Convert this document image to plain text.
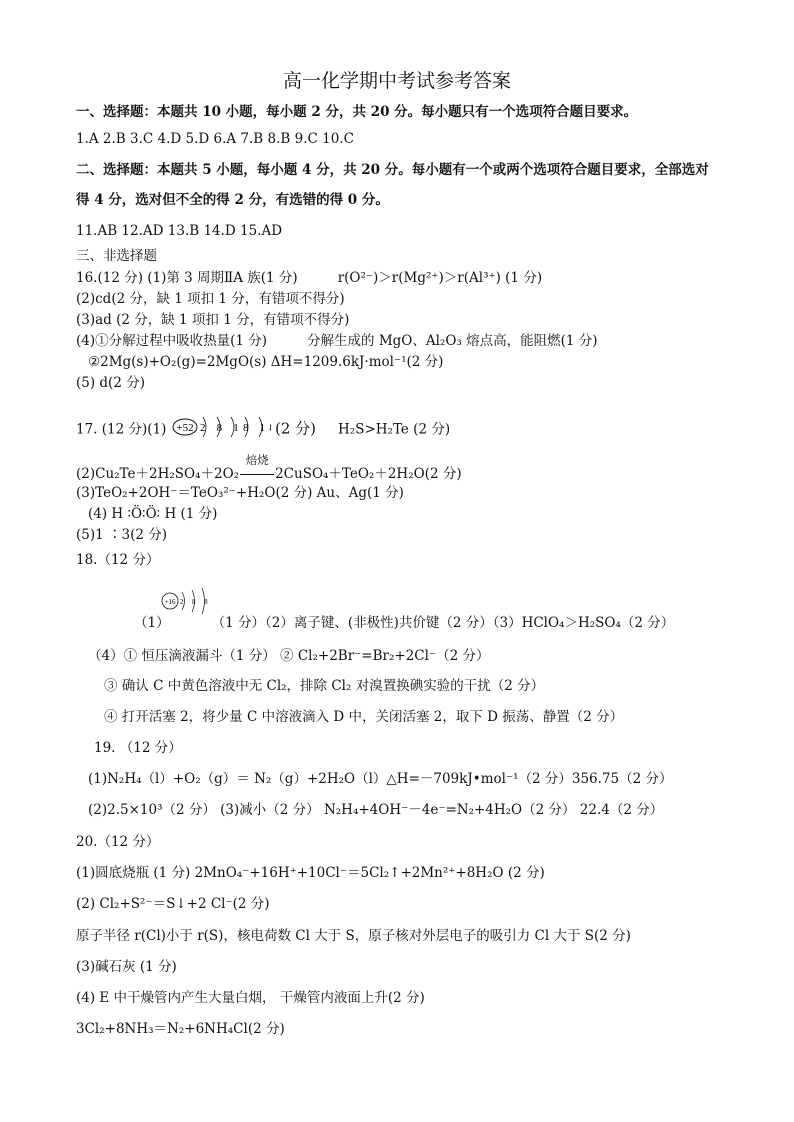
高一化学期中考试参考答案
一、选择题：本题共 10 小题，每小题 2 分，共 20 分。每小题只有一个选项符合题目要求。
1.A 2.B 3.C 4.D 5.D 6.A 7.B 8.B 9.C 10.C
二、选择题：本题共 5 小题，每小题 4 分，共 20 分。每小题有一个或两个选项符合题目要求，全部选对
得 4 分，选对但不全的得 2 分，有选错的得 0 分。
11.AB 12.AD 13.B 14.D 15.AD
三、非选择题
16.(12 分) (1)第 3 周期ⅡA 族(1 分)	r(O²⁻)＞r(Mg²⁺)＞r(Al³⁺) (1 分)
(2)cd(2 分，缺 1 项扣 1 分，有错项不得分)
(3)ad (2 分，缺 1 项扣 1 分，有错项不得分)
(4)①分解过程中吸收热量(1 分)	分解生成的 MgO、Al₂O₃ 熔点高，能阻燃(1 分)
②2Mg(s)+O₂(g)=2MgO(s) ΔH=1209.6kJ·mol⁻¹(2 分)
(5) d(2 分)
17. (12 分)(1) +52 2 8 18 1 (2 分) H₂S>H₂Te (2 分)
(2)Cu₂Te＋2H₂SO₄＋2O₂
焙烧
2CuSO₄＋TeO₂＋2H₂O(2 分)
(3)TeO₂+2OH⁻＝TeO₃²⁻+H₂O(2 分) Au、Ag(1 分)
(4) H ∶Ö∶Ö∶ H (1 分)
(5)1 ∶3(2 分)
18.（12 分）
+16 2 8 8
（1）	（1 分）（2）离子键、(非极性)共价键（2 分）（3）HClO₄＞H₂SO₄（2 分）
（4）① 恒压滴液漏斗（1 分） ② Cl₂+2Br⁻=Br₂+2Cl⁻（2 分）
③ 确认 C 中黄色溶液中无 Cl₂，排除 Cl₂ 对溴置换碘实验的干扰（2 分）
④ 打开活塞 2，将少量 C 中溶液滴入 D 中，关闭活塞 2，取下 D 振荡、静置（2 分）
19. （12 分）
(1)N₂H₄（l）+O₂（g）＝ N₂（g）+2H₂O（l）△H=－709kJ•mol⁻¹（2 分）356.75（2 分）
(2)2.5×10³（2 分） (3)减小（2 分） N₂H₄+4OH⁻－4e⁻=N₂+4H₂O（2 分） 22.4（2 分）
20.（12 分）
(1)圆底烧瓶 (1 分) 2MnO₄⁻+16H⁺+10Cl⁻＝5Cl₂↑+2Mn²⁺+8H₂O (2 分)
(2) Cl₂+S²⁻＝S↓+2 Cl⁻(2 分)
原子半径 r(Cl)小于 r(S)，核电荷数 Cl 大于 S，原子核对外层电子的吸引力 Cl 大于 S(2 分)
(3)碱石灰 (1 分)
(4) E 中干燥管内产生大量白烟， 干燥管内液面上升(2 分)
3Cl₂+8NH₃＝N₂+6NH₄Cl(2 分)
